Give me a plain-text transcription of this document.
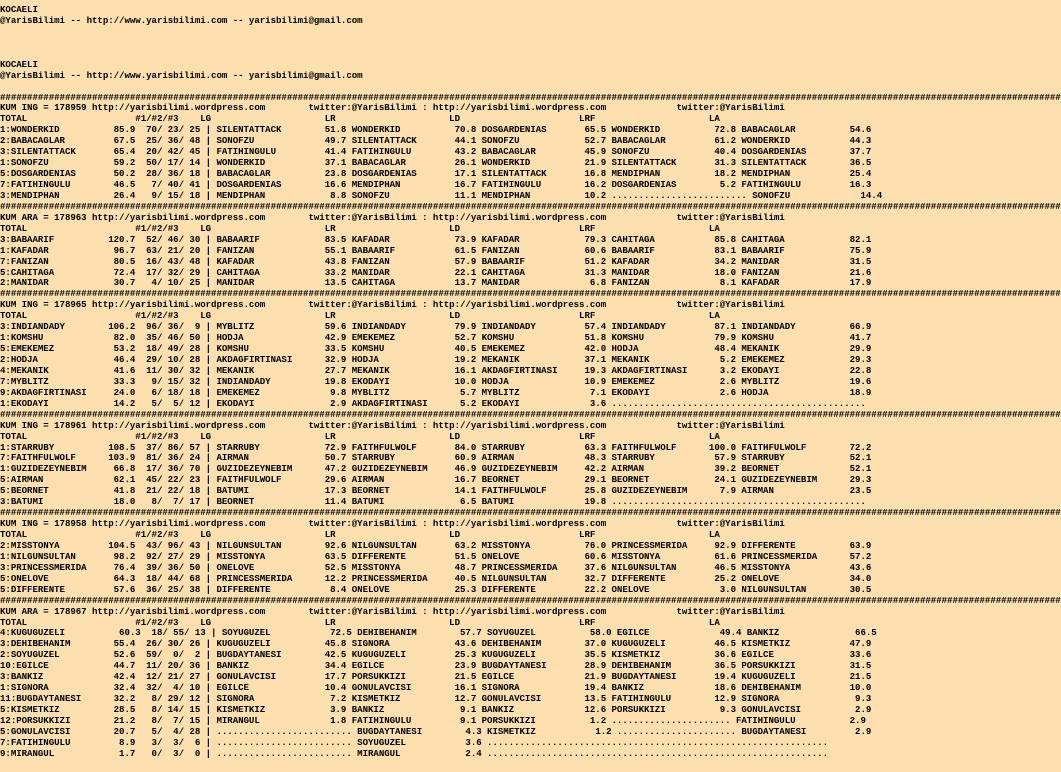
KOCAELI
@YarisBilimi -- http://www.yarisbilimi.com -- yarisbilimi@gmail.com

KOCAELI
@YarisBilimi -- http://www.yarisbilimi.com -- yarisbilimi@gmail.com

####################################################################################################################################################################################################
KUM ING = 178959 http://yarisbilimi.wordpress.com        twitter:@YarisBilimi : http://yarisbilimi.wordpress.com             twitter:@YarisBilimi
TOTAL                    #1/#2/#3    LG                     LR                     LD                      LRF                     LA
1:WONDERKID          85.9  70/ 23/ 25 | SILENTATTACK        51.8 WONDERKID          70.8 DOSGARDENIAS       65.5 WONDERKID          72.8 BABACAGLAR          54.6
2:BABACAGLAR         67.5  25/ 36/ 48 | SONOFZU             49.7 SILENTATTACK       44.1 SONOFZU            52.7 BABACAGLAR         61.2 WONDERKID           44.3
3:SILENTATTACK       65.4  20/ 42/ 45 | FATIHINGULU         41.4 FATIHINGULU        43.2 BABACAGLAR         45.9 SONOFZU            40.4 DOSGARDENIAS        37.7
1:SONOFZU            59.2  50/ 17/ 14 | WONDERKID           37.1 BABACAGLAR         26.1 WONDERKID          21.9 SILENTATTACK       31.3 SILENTATTACK        36.5
5:DOSGARDENIAS       50.2  28/ 36/ 18 | BABACAGLAR          23.8 DOSGARDENIAS       17.1 SILENTATTACK       16.8 MENDIPHAN          18.2 MENDIPHAN           25.4
7:FATIHINGULU        46.5   7/ 40/ 41 | DOSGARDENIAS        16.6 MENDIPHAN          16.7 FATIHINGULU        16.2 DOSGARDENIAS        5.2 FATIHINGULU         16.3
3:MENDIPHAN          26.4   9/ 15/ 18 | MENDIPHAN            8.8 SONOFZU            11.1 MENDIPHAN          10.2 ......................... SONOFZU             14.4
####################################################################################################################################################################################################
KUM ARA = 178963 http://yarisbilimi.wordpress.com        twitter:@YarisBilimi : http://yarisbilimi.wordpress.com             twitter:@YarisBilimi
TOTAL                    #1/#2/#3    LG                     LR                     LD                      LRF                     LA
3:BABAARIF          120.7  52/ 46/ 30 | BABAARIF            83.5 KAFADAR            73.9 KAFADAR            79.3 CAHITAGA           85.8 CAHITAGA            82.1
1:KAFADAR            96.7  63/ 21/ 20 | FANIZAN             55.1 BABAARIF           61.5 FANIZAN            60.6 BABAARIF           83.1 BABAARIF            75.9
7:FANIZAN            80.5  16/ 43/ 48 | KAFADAR             43.8 FANIZAN            57.9 BABAARIF           51.2 KAFADAR            34.2 MANIDAR             31.5
5:CAHITAGA           72.4  17/ 32/ 29 | CAHITAGA            33.2 MANIDAR            22.1 CAHITAGA           31.3 MANIDAR            18.0 FANIZAN             21.6
2:MANIDAR            30.7   4/ 10/ 25 | MANIDAR             13.5 CAHITAGA           13.7 MANIDAR             6.8 FANIZAN             8.1 KAFADAR             17.9
####################################################################################################################################################################################################
KUM ING = 178965 http://yarisbilimi.wordpress.com        twitter:@YarisBilimi : http://yarisbilimi.wordpress.com             twitter:@YarisBilimi
TOTAL                    #1/#2/#3    LG                     LR                     LD                      LRF                     LA
3:INDIANDADY        106.2  96/ 36/  9 | MYBLITZ             59.6 INDIANDADY         79.9 INDIANDADY         57.4 INDIANDADY         87.1 INDIANDADY          66.9
1:KOMSHU             82.0  35/ 46/ 50 | HODJA               42.9 EMEKEMEZ           52.7 KOMSHU             51.8 KOMSHU             79.9 KOMSHU              41.7
5:EMEKEMEZ           53.2  18/ 49/ 28 | KOMSHU              33.5 KOMSHU             40.5 EMEKEMEZ           42.0 HODJA              48.4 MEKANIK             29.9
2:HODJA              46.4  29/ 10/ 28 | AKDAGFIRTINASI      32.9 HODJA              19.2 MEKANIK            37.1 MEKANIK             5.2 EMEKEMEZ            29.3
4:MEKANIK            41.6  11/ 30/ 32 | MEKANIK             27.7 MEKANIK            16.1 AKDAGFIRTINASI     19.3 AKDAGFIRTINASI      3.2 EKODAYI             22.8
7:MYBLITZ            33.3   9/ 15/ 32 | INDIANDADY          19.8 EKODAYI            10.0 HODJA              10.9 EMEKEMEZ            2.6 MYBLITZ             19.6
9:AKDAGFIRTINASI     24.0   6/ 18/ 18 | EMEKEMEZ             9.8 MYBLITZ             5.7 MYBLITZ             7.1 EKODAYI             2.6 HODJA               18.9
1:EKODAYI            14.2   5/  5/ 12 | EKODAYI              2.9 AKDAGFIRTINASI      5.2 EKODAYI             3.6 ...............................................
####################################################################################################################################################################################################
KUM ING = 178961 http://yarisbilimi.wordpress.com        twitter:@YarisBilimi : http://yarisbilimi.wordpress.com             twitter:@YarisBilimi
TOTAL                    #1/#2/#3    LG                     LR                     LD                      LRF                     LA
1:STARRUBY          108.5  37/ 86/ 57 | STARRUBY            72.9 FAITHFULWOLF       84.0 STARRUBY           63.3 FAITHFULWOLF      100.0 FAITHFULWOLF        72.2
7:FAITHFULWOLF      103.9  81/ 36/ 24 | AIRMAN              50.7 STARRUBY           60.9 AIRMAN             48.3 STARRUBY           57.9 STARRUBY            52.1
1:GUZIDEZEYNEBIM     66.8  17/ 36/ 70 | GUZIDEZEYNEBIM      47.2 GUZIDEZEYNEBIM     46.9 GUZIDEZEYNEBIM     42.2 AIRMAN             39.2 BEORNET             52.1
5:AIRMAN             62.1  45/ 22/ 23 | FAITHFULWOLF        29.6 AIRMAN             16.7 BEORNET            29.1 BEORNET            24.1 GUZIDEZEYNEBIM      29.3
5:BEORNET            41.8  21/ 22/ 18 | BATUMI              17.3 BEORNET            14.1 FAITHFULWOLF       25.8 GUZIDEZEYNEBIM      7.9 AIRMAN              23.5
3:BATUMI             18.0   8/  7/ 17 | BEORNET             11.4 BATUMI              6.5 BATUMI             19.8 ...............................................
####################################################################################################################################################################################################
KUM ING = 178958 http://yarisbilimi.wordpress.com        twitter:@YarisBilimi : http://yarisbilimi.wordpress.com             twitter:@YarisBilimi
TOTAL                    #1/#2/#3    LG                     LR                     LD                      LRF                     LA
2:MISSTONYA         104.5  43/ 96/ 43 | NILGUNSULTAN        92.6 NILGUNSULTAN       63.2 MISSTONYA          76.0 PRINCESSMERIDA     92.9 DIFFERENTE          63.9
1:NILGUNSULTAN       98.2  92/ 27/ 29 | MISSTONYA           63.5 DIFFERENTE         51.5 ONELOVE            60.6 MISSTONYA          61.6 PRINCESSMERIDA      57.2
3:PRINCESSMERIDA     76.4  39/ 36/ 50 | ONELOVE             52.5 MISSTONYA          48.7 PRINCESSMERIDA     37.6 NILGUNSULTAN       46.5 MISSTONYA           43.6
5:ONELOVE            64.3  18/ 44/ 68 | PRINCESSMERIDA      12.2 PRINCESSMERIDA     40.5 NILGUNSULTAN       32.7 DIFFERENTE         25.2 ONELOVE             34.0
5:DIFFERENTE         57.6  36/ 25/ 38 | DIFFERENTE           8.4 ONELOVE            25.3 DIFFERENTE         22.2 ONELOVE             3.0 NILGUNSULTAN        30.5
####################################################################################################################################################################################################
KUM ARA = 178967 http://yarisbilimi.wordpress.com        twitter:@YarisBilimi : http://yarisbilimi.wordpress.com             twitter:@YarisBilimi
TOTAL                    #1/#2/#3    LG                     LR                     LD                      LRF                     LA
4:KUGUGUZELI          60.3  18/ 55/ 13 | SOYUGUZEL           72.5 DEHIBEHANIM        57.7 SOYUGUZEL          58.0 EGILCE             49.4 BANKIZ              66.5
3:DEHIBEHANIM        55.4  26/ 30/ 26 | KUGUGUZELI          45.8 SIGNORA            43.6 DEHIBEHANIM        37.0 KUGUGUZELI         46.5 KISMETKIZ           47.9
2:SOYUGUZEL          52.6  59/  0/  2 | BUGDAYTANESI        42.5 KUGUGUZELI         25.3 KUGUGUZELI         35.5 KISMETKIZ          36.6 EGILCE              33.6
10:EGILCE            44.7  11/ 20/ 36 | BANKIZ              34.4 EGILCE             23.9 BUGDAYTANESI       28.9 DEHIBEHANIM        36.5 PORSUKKIZI          31.5
3:BANKIZ             42.4  12/ 21/ 27 | GONULAVCISI         17.7 PORSUKKIZI         21.5 EGILCE             21.9 BUGDAYTANESI       19.4 KUGUGUZELI          21.5
1:SIGNORA            32.4  32/  4/ 10 | EGILCE              10.4 GONULAVCISI        16.1 SIGNORA            19.4 BANKIZ             18.6 DEHIBEHANIM         10.0
11:BUGDAYTANESI      32.2   8/ 29/ 12 | SIGNORA              7.2 KISMETKIZ          12.7 GONULAVCISI        13.5 FATIHINGULU        12.9 SIGNORA              9.3
5:KISMETKIZ          28.5   8/ 14/ 15 | KISMETKIZ            3.9 BANKIZ              9.1 BANKIZ             12.6 PORSUKKIZI          9.3 GONULAVCISI          2.9
12:PORSUKKIZI        21.2   8/  7/ 15 | MIRANGUL             1.8 FATIHINGULU         9.1 PORSUKKIZI          1.2 ...................... FATIHINGULU          2.9
5:GONULAVCISI        20.7   5/  4/ 28 | ......................... BUGDAYTANESI        4.3 KISMETKIZ           1.2 ...................... BUGDAYTANESI         2.9
7:FATIHINGULU         8.9   3/  3/  6 | ......................... SOYUGUZEL           3.6 ...............................................................
9:MIRANGUL            1.7   0/  3/  0 | ......................... MIRANGUL            2.4 ...............................................................
